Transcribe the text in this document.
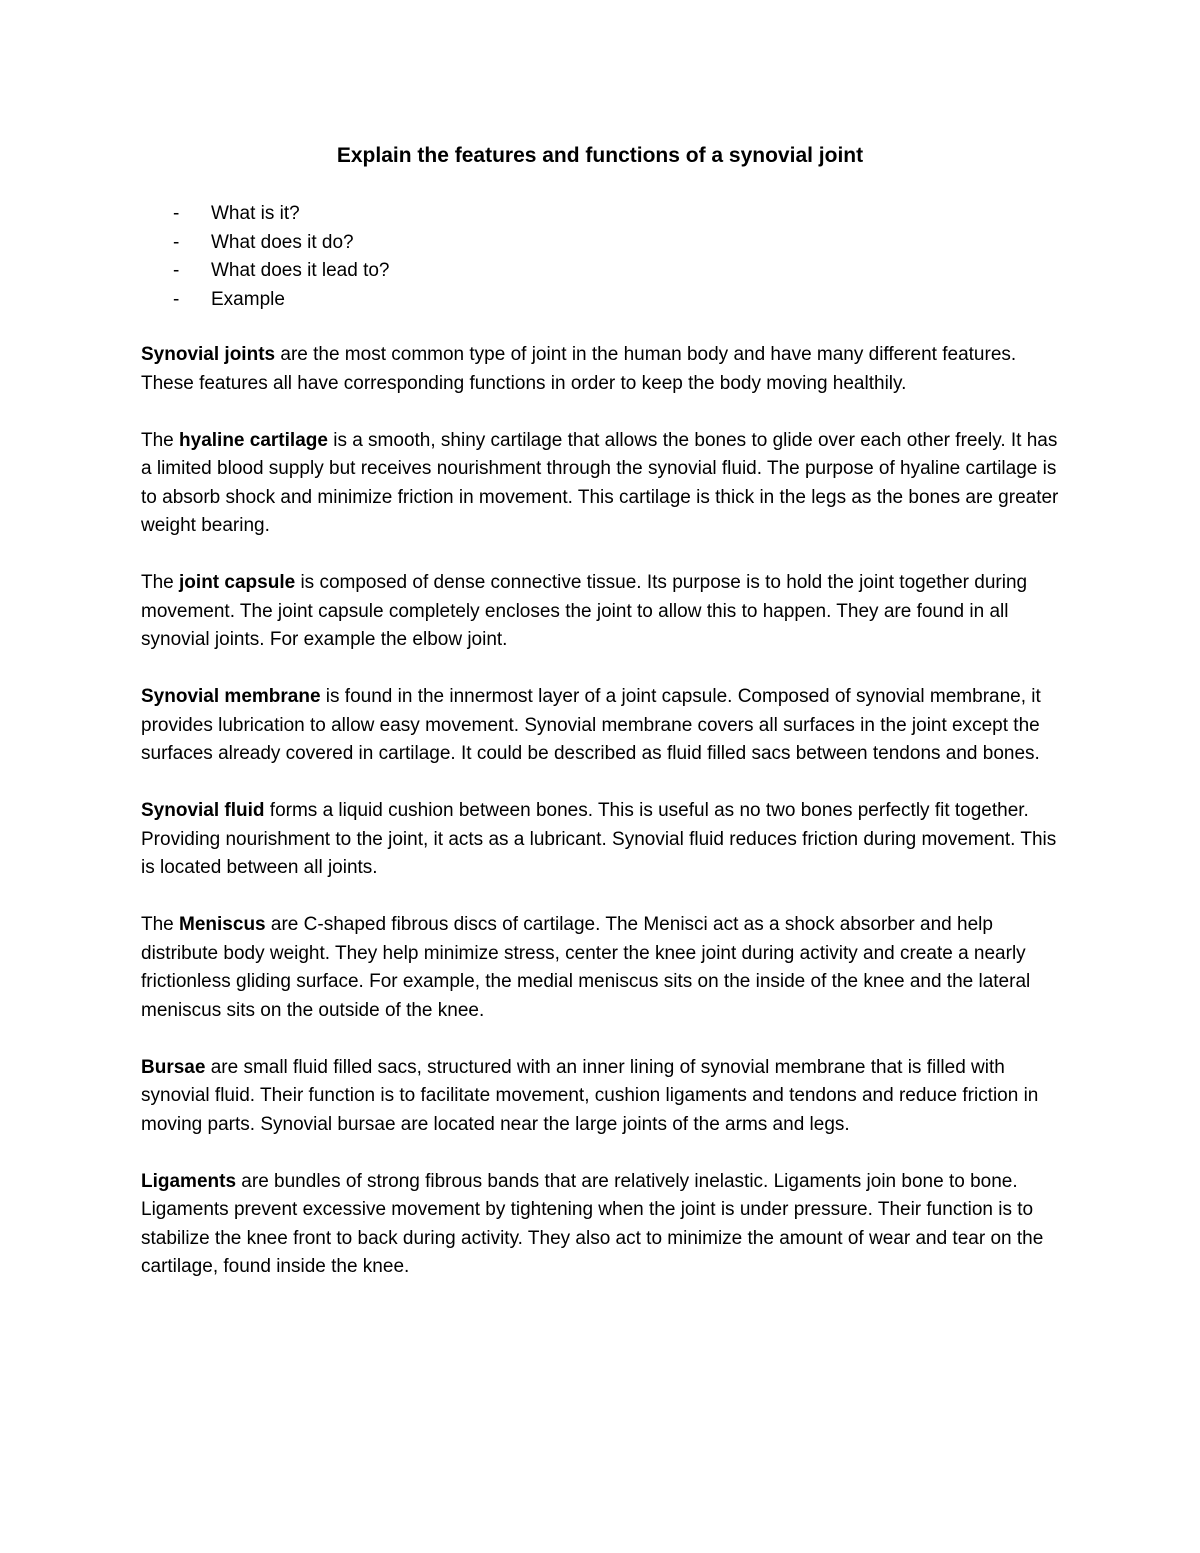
Explain the features and functions of a synovial joint
- What is it?
- What does it do?
- What does it lead to?
- Example

Synovial joints are the most common type of joint in the human body and have many different features. These features all have corresponding functions in order to keep the body moving healthily.

The hyaline cartilage is a smooth, shiny cartilage that allows the bones to glide over each other freely. It has a limited blood supply but receives nourishment through the synovial fluid. The purpose of hyaline cartilage is to absorb shock and minimize friction in movement. This cartilage is thick in the legs as the bones are greater weight bearing.

The joint capsule is composed of dense connective tissue. Its purpose is to hold the joint together during movement. The joint capsule completely encloses the joint to allow this to happen. They are found in all synovial joints. For example the elbow joint.

Synovial membrane is found in the innermost layer of a joint capsule. Composed of synovial membrane, it provides lubrication to allow easy movement. Synovial membrane covers all surfaces in the joint except the surfaces already covered in cartilage. It could be described as fluid filled sacs between tendons and bones.

Synovial fluid forms a liquid cushion between bones. This is useful as no two bones perfectly fit together. Providing nourishment to the joint, it acts as a lubricant. Synovial fluid reduces friction during movement. This is located between all joints.

The Meniscus are C-shaped fibrous discs of cartilage. The Menisci act as a shock absorber and help distribute body weight. They help minimize stress, center the knee joint during activity and create a nearly frictionless gliding surface. For example, the medial meniscus sits on the inside of the knee and the lateral meniscus sits on the outside of the knee.

Bursae are small fluid filled sacs, structured with an inner lining of synovial membrane that is filled with synovial fluid. Their function is to facilitate movement, cushion ligaments and tendons and reduce friction in moving parts. Synovial bursae are located near the large joints of the arms and legs.

Ligaments are bundles of strong fibrous bands that are relatively inelastic. Ligaments join bone to bone. Ligaments prevent excessive movement by tightening when the joint is under pressure. Their function is to stabilize the knee front to back during activity. They also act to minimize the amount of wear and tear on the cartilage, found inside the knee.
